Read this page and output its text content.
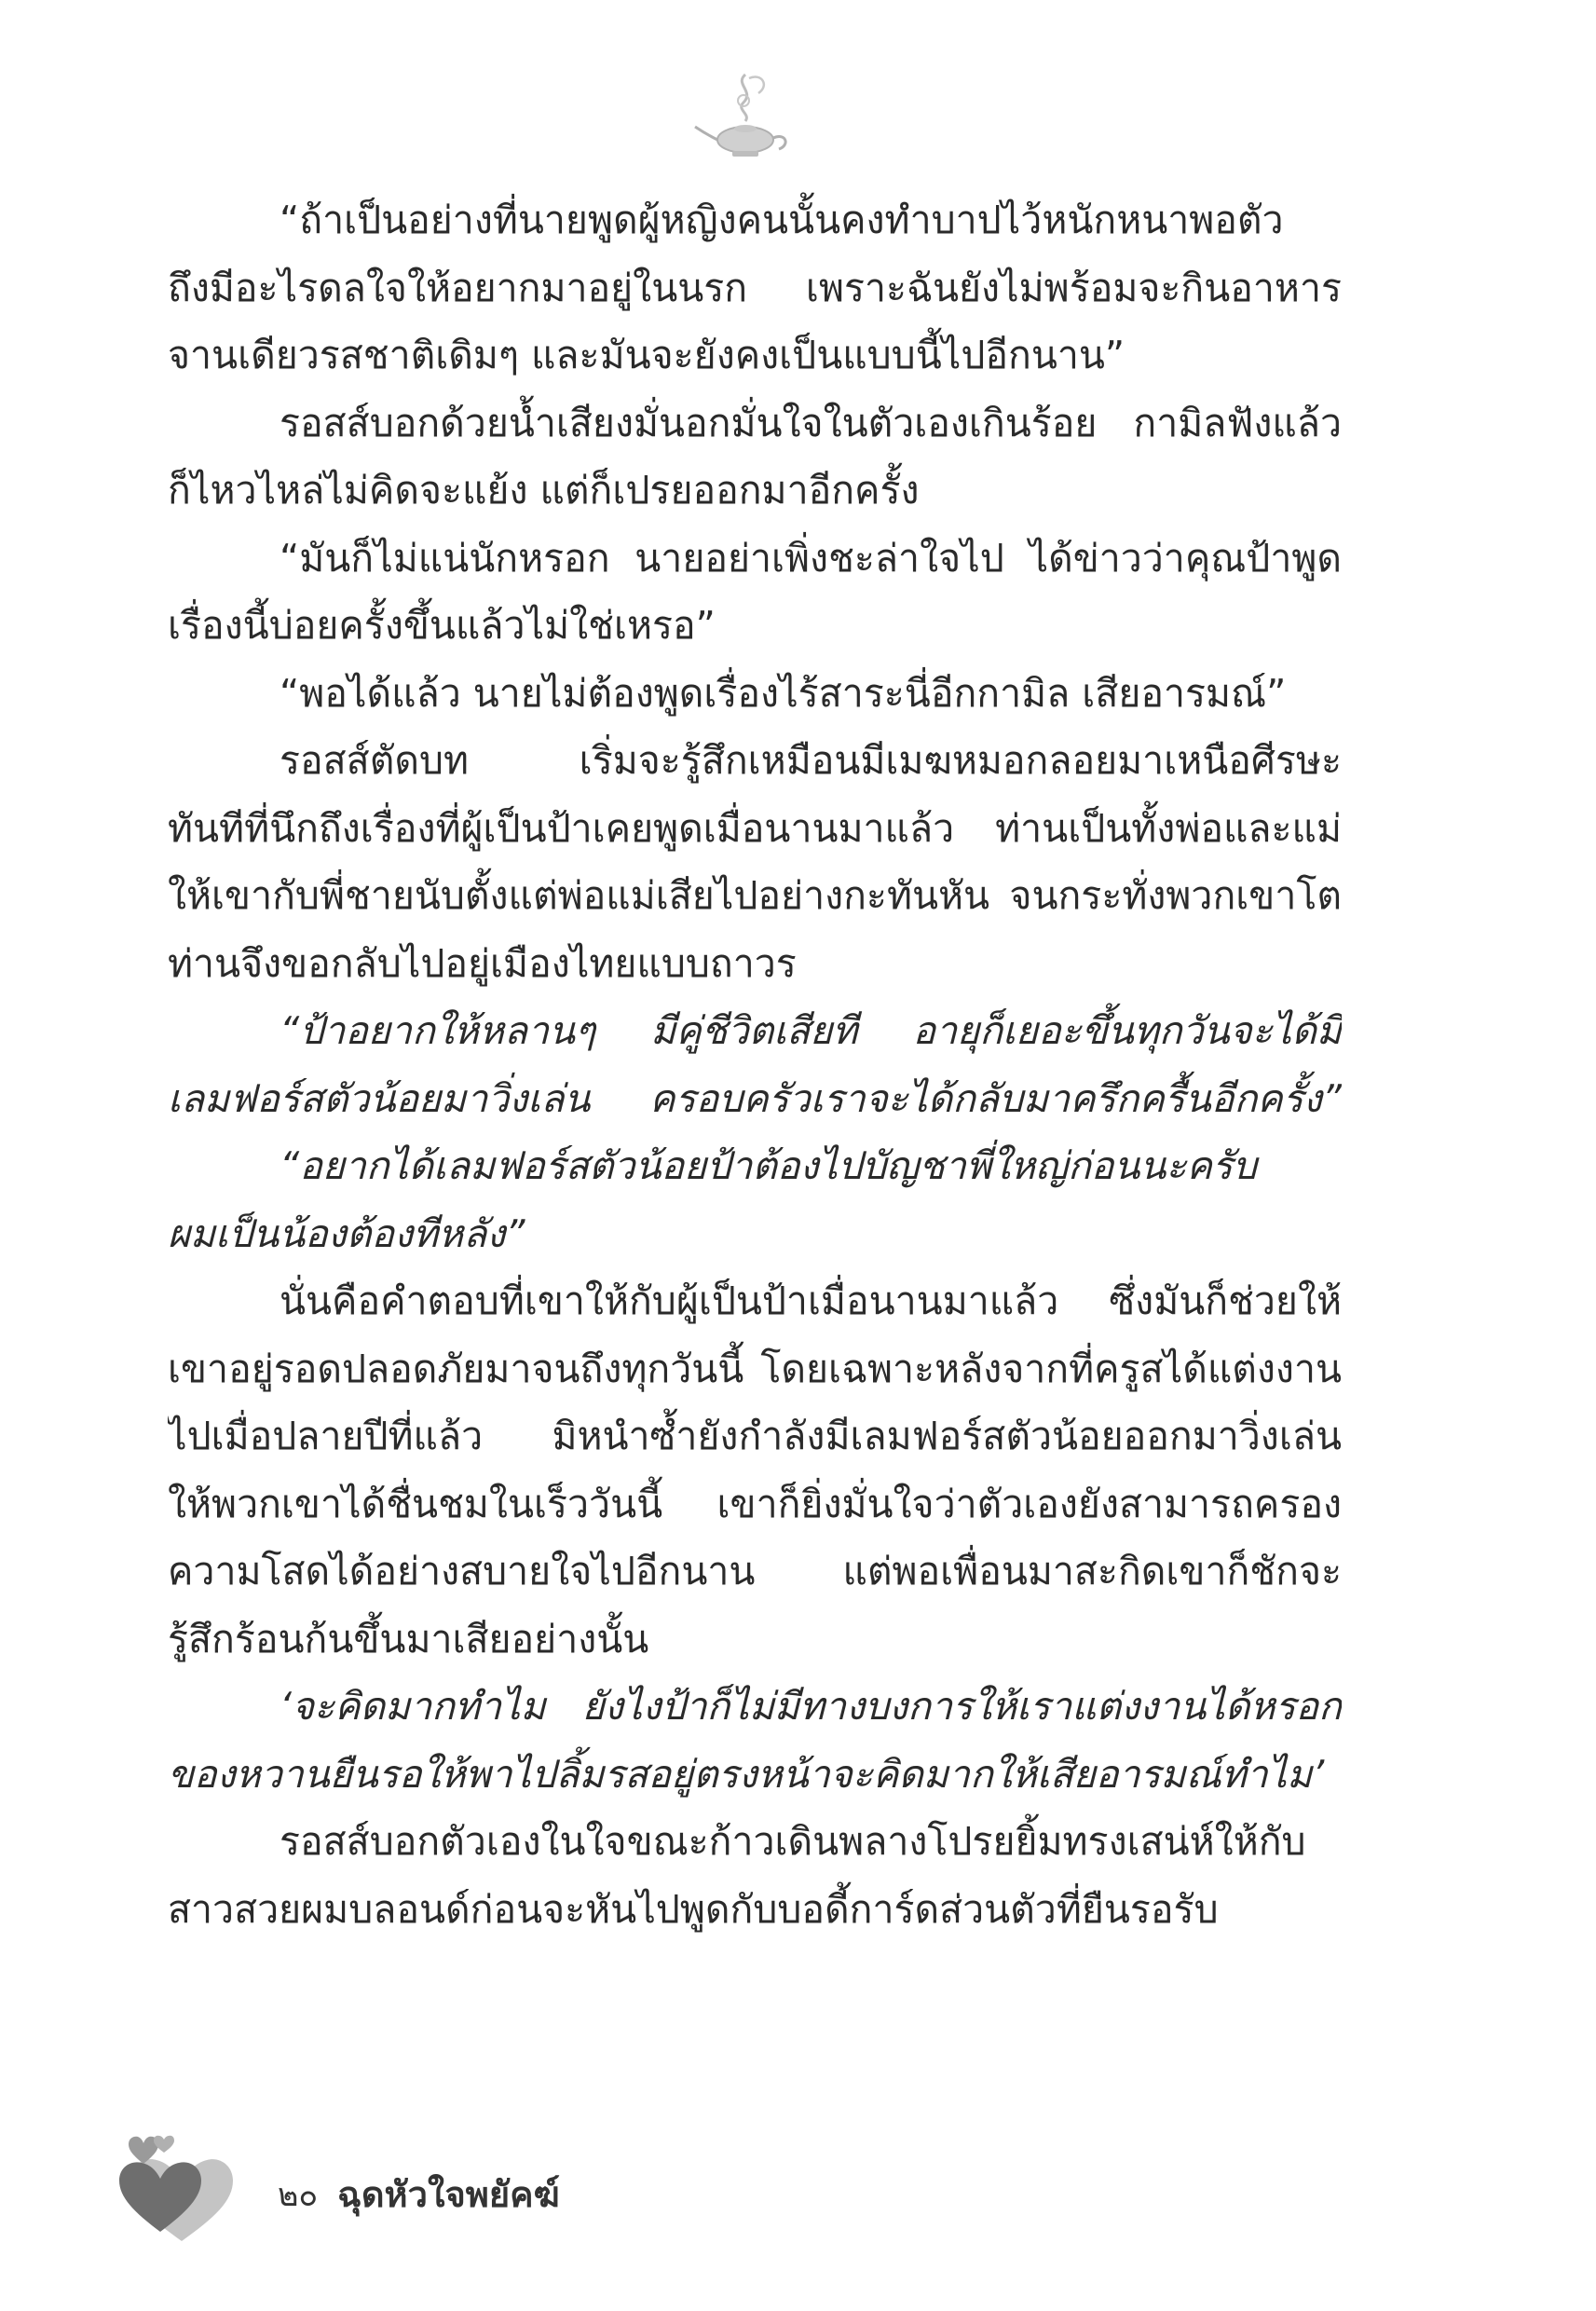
“ถ้าเป็นอย่างที่นายพูดผู้หญิงคนนั้นคงทำบาปไว้หนักหนาพอตัว
ถึงมีอะไรดลใจให้อยากมาอยู่ในนรก เพราะฉันยังไม่พร้อมจะกินอาหาร
จานเดียวรสชาติเดิมๆ และมันจะยังคงเป็นแบบนี้ไปอีกนาน”
รอสส์บอกด้วยน้ำเสียงมั่นอกมั่นใจในตัวเองเกินร้อย กามิลฟังแล้ว
ก็ไหวไหล่ไม่คิดจะแย้ง แต่ก็เปรยออกมาอีกครั้ง
“มันก็ไม่แน่นักหรอก นายอย่าเพิ่งชะล่าใจไป ได้ข่าวว่าคุณป้าพูด
เรื่องนี้บ่อยครั้งขึ้นแล้วไม่ใช่เหรอ”
“พอได้แล้ว นายไม่ต้องพูดเรื่องไร้สาระนี่อีกกามิล เสียอารมณ์”
รอสส์ตัดบท เริ่มจะรู้สึกเหมือนมีเมฆหมอกลอยมาเหนือศีรษะ
ทันทีที่นึกถึงเรื่องที่ผู้เป็นป้าเคยพูดเมื่อนานมาแล้ว ท่านเป็นทั้งพ่อและแม่
ให้เขากับพี่ชายนับตั้งแต่พ่อแม่เสียไปอย่างกะทันหัน จนกระทั่งพวกเขาโต
ท่านจึงขอกลับไปอยู่เมืองไทยแบบถาวร
“ป้าอยากให้หลานๆ มีคู่ชีวิตเสียที อายุก็เยอะขึ้นทุกวันจะได้มี
เลมฟอร์สตัวน้อยมาวิ่งเล่น ครอบครัวเราจะได้กลับมาครึกครื้นอีกครั้ง”
“อยากได้เลมฟอร์สตัวน้อยป้าต้องไปบัญชาพี่ใหญ่ก่อนนะครับ
ผมเป็นน้องต้องทีหลัง”
นั่นคือคำตอบที่เขาให้กับผู้เป็นป้าเมื่อนานมาแล้ว ซึ่งมันก็ช่วยให้
เขาอยู่รอดปลอดภัยมาจนถึงทุกวันนี้ โดยเฉพาะหลังจากที่ครูสได้แต่งงาน
ไปเมื่อปลายปีที่แล้ว มิหนำซ้ำยังกำลังมีเลมฟอร์สตัวน้อยออกมาวิ่งเล่น
ให้พวกเขาได้ชื่นชมในเร็ววันนี้ เขาก็ยิ่งมั่นใจว่าตัวเองยังสามารถครอง
ความโสดได้อย่างสบายใจไปอีกนาน แต่พอเพื่อนมาสะกิดเขาก็ชักจะ
รู้สึกร้อนก้นขึ้นมาเสียอย่างนั้น
‘จะคิดมากทำไม ยังไงป้าก็ไม่มีทางบงการให้เราแต่งงานได้หรอก
ของหวานยืนรอให้พาไปลิ้มรสอยู่ตรงหน้าจะคิดมากให้เสียอารมณ์ทำไม’
รอสส์บอกตัวเองในใจขณะก้าวเดินพลางโปรยยิ้มทรงเสน่ห์ให้กับ
สาวสวยผมบลอนด์ก่อนจะหันไปพูดกับบอดี้การ์ดส่วนตัวที่ยืนรอรับ
๒๐ ฉุดหัวใจพยัคฆ์
